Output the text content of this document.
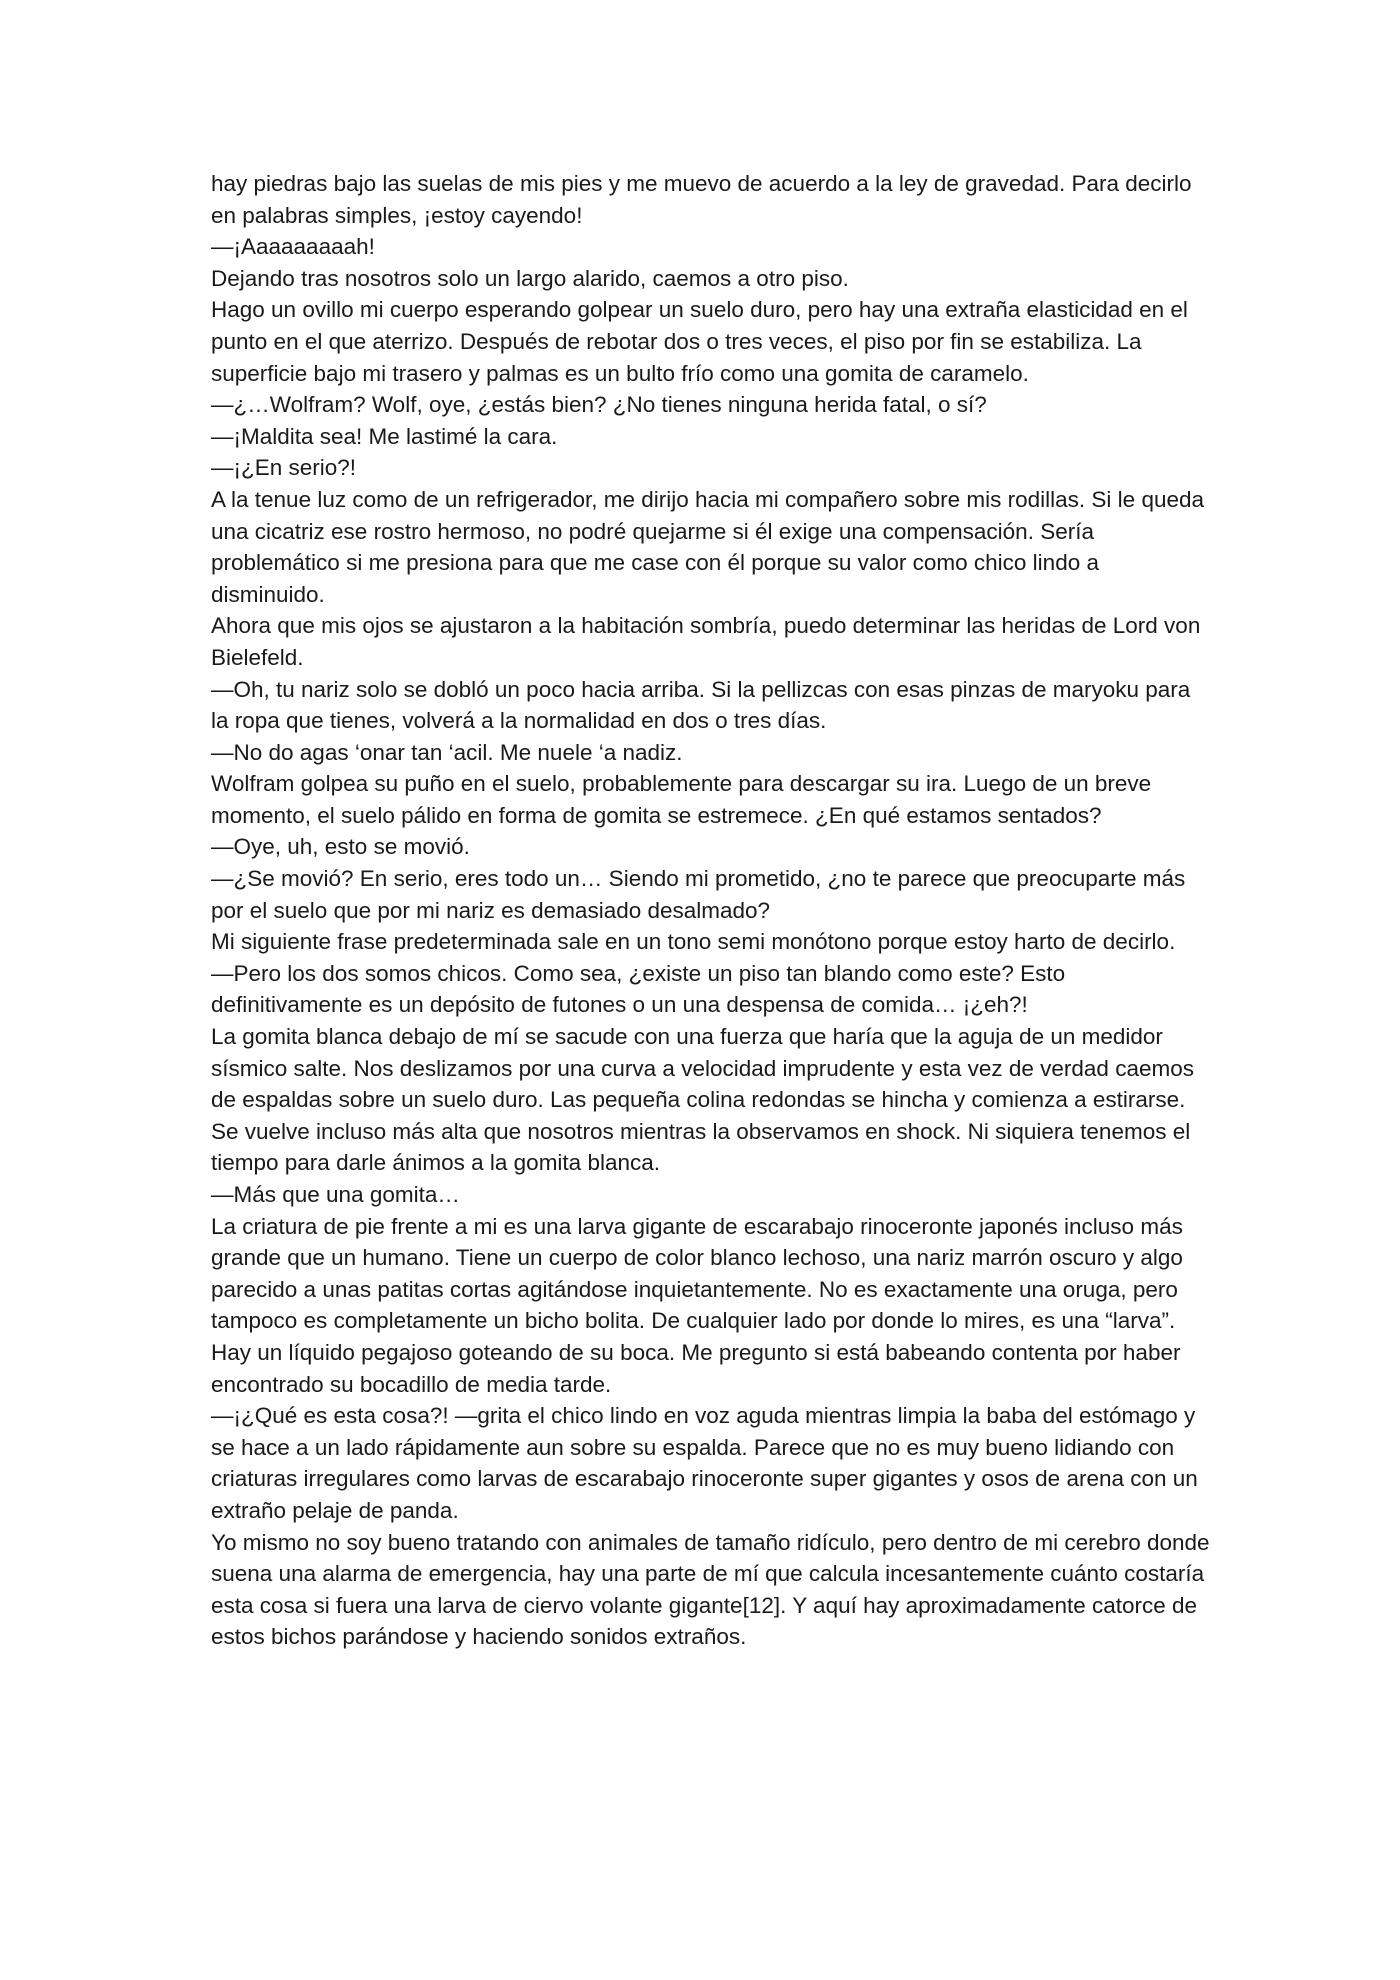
hay piedras bajo las suelas de mis pies y me muevo de acuerdo a la ley de gravedad. Para decirlo en palabras simples, ¡estoy cayendo!

—¡Aaaaaaaaah!

Dejando tras nosotros solo un largo alarido, caemos a otro piso.

Hago un ovillo mi cuerpo esperando golpear un suelo duro, pero hay una extraña elasticidad en el punto en el que aterrizo. Después de rebotar dos o tres veces, el piso por fin se estabiliza. La superficie bajo mi trasero y palmas es un bulto frío como una gomita de caramelo.

—¿…Wolfram? Wolf, oye, ¿estás bien? ¿No tienes ninguna herida fatal, o sí?

—¡Maldita sea! Me lastimé la cara.

—¡¿En serio?!

A la tenue luz como de un refrigerador, me dirijo hacia mi compañero sobre mis rodillas. Si le queda una cicatriz ese rostro hermoso, no podré quejarme si él exige una compensación. Sería problemático si me presiona para que me case con él porque su valor como chico lindo a disminuido.

Ahora que mis ojos se ajustaron a la habitación sombría, puedo determinar las heridas de Lord von Bielefeld.

—Oh, tu nariz solo se dobló un poco hacia arriba. Si la pellizcas con esas pinzas de maryoku para la ropa que tienes, volverá a la normalidad en dos o tres días.

—No do agas ‘onar tan ‘acil. Me nuele ‘a nadiz.

Wolfram golpea su puño en el suelo, probablemente para descargar su ira. Luego de un breve momento, el suelo pálido en forma de gomita se estremece. ¿En qué estamos sentados?

—Oye, uh, esto se movió.

—¿Se movió? En serio, eres todo un… Siendo mi prometido, ¿no te parece que preocuparte más por el suelo que por mi nariz es demasiado desalmado?

Mi siguiente frase predeterminada sale en un tono semi monótono porque estoy harto de decirlo.

—Pero los dos somos chicos. Como sea, ¿existe un piso tan blando como este? Esto definitivamente es un depósito de futones o un una despensa de comida… ¡¿eh?!

La gomita blanca debajo de mí se sacude con una fuerza que haría que la aguja de un medidor sísmico salte. Nos deslizamos por una curva a velocidad imprudente y esta vez de verdad caemos de espaldas sobre un suelo duro. Las pequeña colina redondas se hincha y comienza a estirarse. Se vuelve incluso más alta que nosotros mientras la observamos en shock. Ni siquiera tenemos el tiempo para darle ánimos a la gomita blanca.

—Más que una gomita…

La criatura de pie frente a mi es una larva gigante de escarabajo rinoceronte japonés incluso más grande que un humano. Tiene un cuerpo de color blanco lechoso, una nariz marrón oscuro y algo parecido a unas patitas cortas agitándose inquietantemente. No es exactamente una oruga, pero tampoco es completamente un bicho bolita. De cualquier lado por donde lo mires, es una “larva”.

Hay un líquido pegajoso goteando de su boca. Me pregunto si está babeando contenta por haber encontrado su bocadillo de media tarde.

—¡¿Qué es esta cosa?! —grita el chico lindo en voz aguda mientras limpia la baba del estómago y se hace a un lado rápidamente aun sobre su espalda. Parece que no es muy bueno lidiando con criaturas irregulares como larvas de escarabajo rinoceronte super gigantes y osos de arena con un extraño pelaje de panda.

Yo mismo no soy bueno tratando con animales de tamaño ridículo, pero dentro de mi cerebro donde suena una alarma de emergencia, hay una parte de mí que calcula incesantemente cuánto costaría esta cosa si fuera una larva de ciervo volante gigante[12]. Y aquí hay aproximadamente catorce de estos bichos parándose y haciendo sonidos extraños.
